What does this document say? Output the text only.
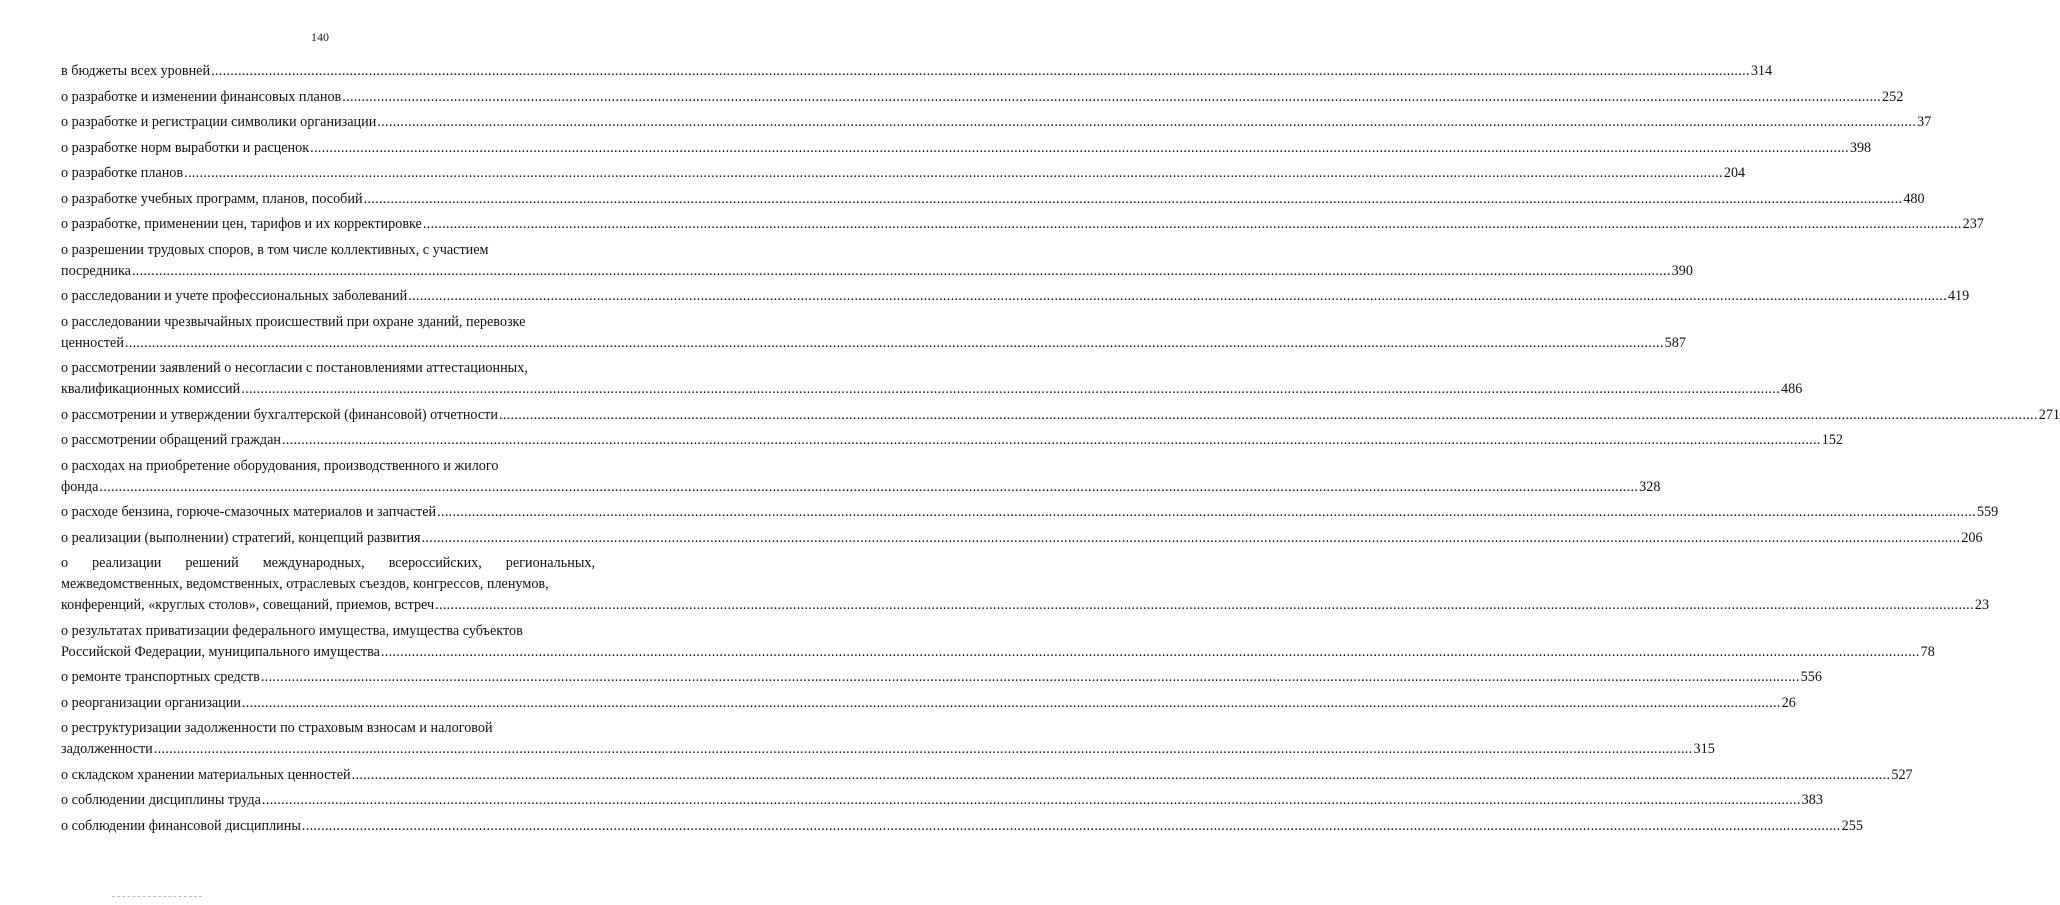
140
в бюджеты всех уровней ................................................................................................................................................................................................................................................................................................................................................................................................................ 314
о разработке и изменении финансовых планов ................................................................................................................................................................................................................................................................................................................................................................................................................ 252
о разработке и регистрации символики организации ................................................................................................................................................................................................................................................................................................................................................................................................................ 37
о разработке норм выработки и расценок ................................................................................................................................................................................................................................................................................................................................................................................................................ 398
о разработке планов ................................................................................................................................................................................................................................................................................................................................................................................................................ 204
о разработке учебных программ, планов, пособий ................................................................................................................................................................................................................................................................................................................................................................................................................ 480
о разработке, применении цен, тарифов и их корректировке ................................................................................................................................................................................................................................................................................................................................................................................................................ 237
о разрешении трудовых споров, в том числе коллективных, с участием
посредника ................................................................................................................................................................................................................................................................................................................................................................................................................ 390
о расследовании и учете профессиональных заболеваний ................................................................................................................................................................................................................................................................................................................................................................................................................ 419
о расследовании чрезвычайных происшествий при охране зданий, перевозке
ценностей ................................................................................................................................................................................................................................................................................................................................................................................................................ 587
о рассмотрении заявлений о несогласии с постановлениями аттестационных,
квалификационных комиссий ................................................................................................................................................................................................................................................................................................................................................................................................................ 486
о рассмотрении и утверждении бухгалтерской (финансовой) отчетности ................................................................................................................................................................................................................................................................................................................................................................................................................ 271
о рассмотрении обращений граждан ................................................................................................................................................................................................................................................................................................................................................................................................................ 152
о расходах на приобретение оборудования, производственного и жилого
фонда ................................................................................................................................................................................................................................................................................................................................................................................................................ 328
о расходе бензина, горюче-смазочных материалов и запчастей ................................................................................................................................................................................................................................................................................................................................................................................................................ 559
о реализации (выполнении) стратегий, концепций развития ................................................................................................................................................................................................................................................................................................................................................................................................................ 206
о реализации решений международных, всероссийских, региональных, межведомственных, ведомственных, отраслевых съездов, конгрессов, пленумов,
конференций, «круглых столов», совещаний, приемов, встреч ................................................................................................................................................................................................................................................................................................................................................................................................................ 23
о результатах приватизации федерального имущества, имущества субъектов
Российской Федерации, муниципального имущества ................................................................................................................................................................................................................................................................................................................................................................................................................ 78
о ремонте транспортных средств ................................................................................................................................................................................................................................................................................................................................................................................................................ 556
о реорганизации организации ................................................................................................................................................................................................................................................................................................................................................................................................................ 26
о реструктуризации задолженности по страховым взносам и налоговой
задолженности ................................................................................................................................................................................................................................................................................................................................................................................................................ 315
о складском хранении материальных ценностей ................................................................................................................................................................................................................................................................................................................................................................................................................ 527
о соблюдении дисциплины труда ................................................................................................................................................................................................................................................................................................................................................................................................................ 383
о соблюдении финансовой дисциплины ................................................................................................................................................................................................................................................................................................................................................................................................................ 255
